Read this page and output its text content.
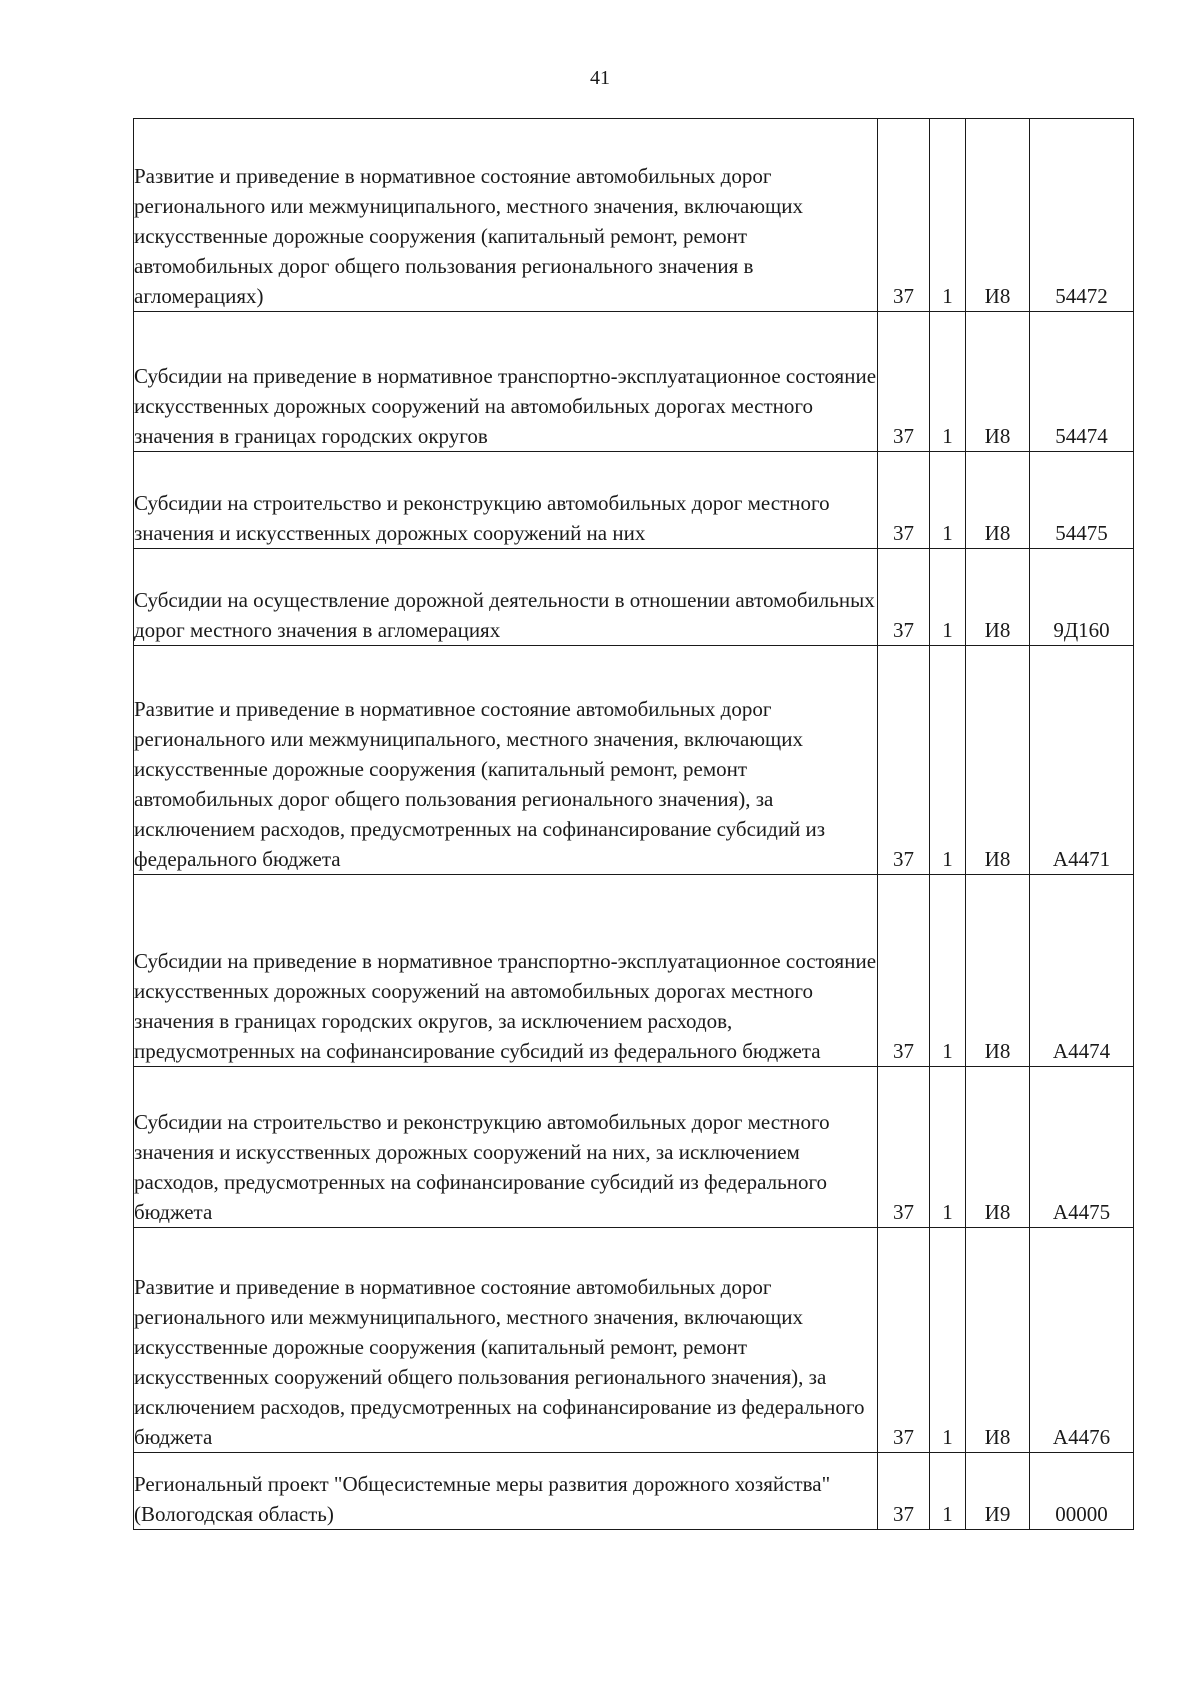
41
Развитие и приведение в нормативное состояние автомобильных дорог регионального или межмуниципального, местного значения, включающих искусственные дорожные сооружения (капитальный ремонт, ремонт автомобильных дорог общего пользования регионального значения в агломерациях)	37	1	И8	54472
Субсидии на приведение в нормативное транспортно-эксплуатационное состояние искусственных дорожных сооружений на автомобильных дорогах местного значения в границах городских округов	37	1	И8	54474
Субсидии на строительство и реконструкцию автомобильных дорог местного значения и искусственных дорожных сооружений на них	37	1	И8	54475
Субсидии на осуществление дорожной деятельности в отношении автомобильных дорог местного значения в агломерациях	37	1	И8	9Д160
Развитие и приведение в нормативное состояние автомобильных дорог регионального или межмуниципального, местного значения, включающих искусственные дорожные сооружения (капитальный ремонт, ремонт автомобильных дорог общего пользования регионального значения), за исключением расходов, предусмотренных на софинансирование субсидий из федерального бюджета	37	1	И8	А4471
Субсидии на приведение в нормативное транспортно-эксплуатационное состояние искусственных дорожных сооружений на автомобильных дорогах местного значения в границах городских округов, за исключением расходов, предусмотренных на софинансирование субсидий из федерального бюджета	37	1	И8	А4474
Субсидии на строительство и реконструкцию автомобильных дорог местного значения и искусственных дорожных сооружений на них, за исключением расходов, предусмотренных на софинансирование субсидий из федерального бюджета	37	1	И8	А4475
Развитие и приведение в нормативное состояние автомобильных дорог регионального или межмуниципального, местного значения, включающих искусственные дорожные сооружения (капитальный ремонт, ремонт искусственных сооружений общего пользования регионального значения), за исключением расходов, предусмотренных на софинансирование из федерального бюджета	37	1	И8	А4476
Региональный проект "Общесистемные меры развития дорожного хозяйства" (Вологодская область)	37	1	И9	00000
